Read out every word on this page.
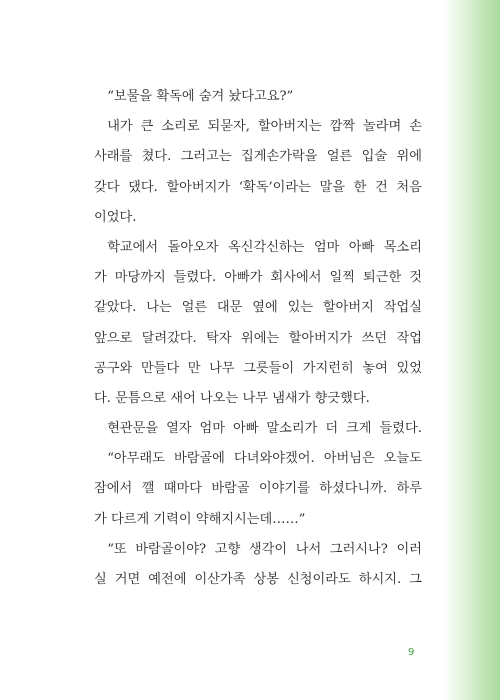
“보물을 확독에 숨겨 놨다고요?”
내가 큰 소리로 되묻자, 할아버지는 깜짝 놀라며 손
사래를 쳤다. 그러고는 집게손가락을 얼른 입술 위에
갖다 댔다. 할아버지가 ‘확독’이라는 말을 한 건 처음
이었다.
학교에서 돌아오자 옥신각신하는 엄마 아빠 목소리
가 마당까지 들렸다. 아빠가 회사에서 일찍 퇴근한 것
같았다. 나는 얼른 대문 옆에 있는 할아버지 작업실
앞으로 달려갔다. 탁자 위에는 할아버지가 쓰던 작업
공구와 만들다 만 나무 그릇들이 가지런히 놓여 있었
다. 문틈으로 새어 나오는 나무 냄새가 향긋했다.
현관문을 열자 엄마 아빠 말소리가 더 크게 들렸다.
“아무래도 바람골에 다녀와야겠어. 아버님은 오늘도
잠에서 깰 때마다 바람골 이야기를 하셨다니까. 하루
가 다르게 기력이 약해지시는데……”
“또 바람골이야? 고향 생각이 나서 그러시나? 이러
실 거면 예전에 이산가족 상봉 신청이라도 하시지. 그
9
